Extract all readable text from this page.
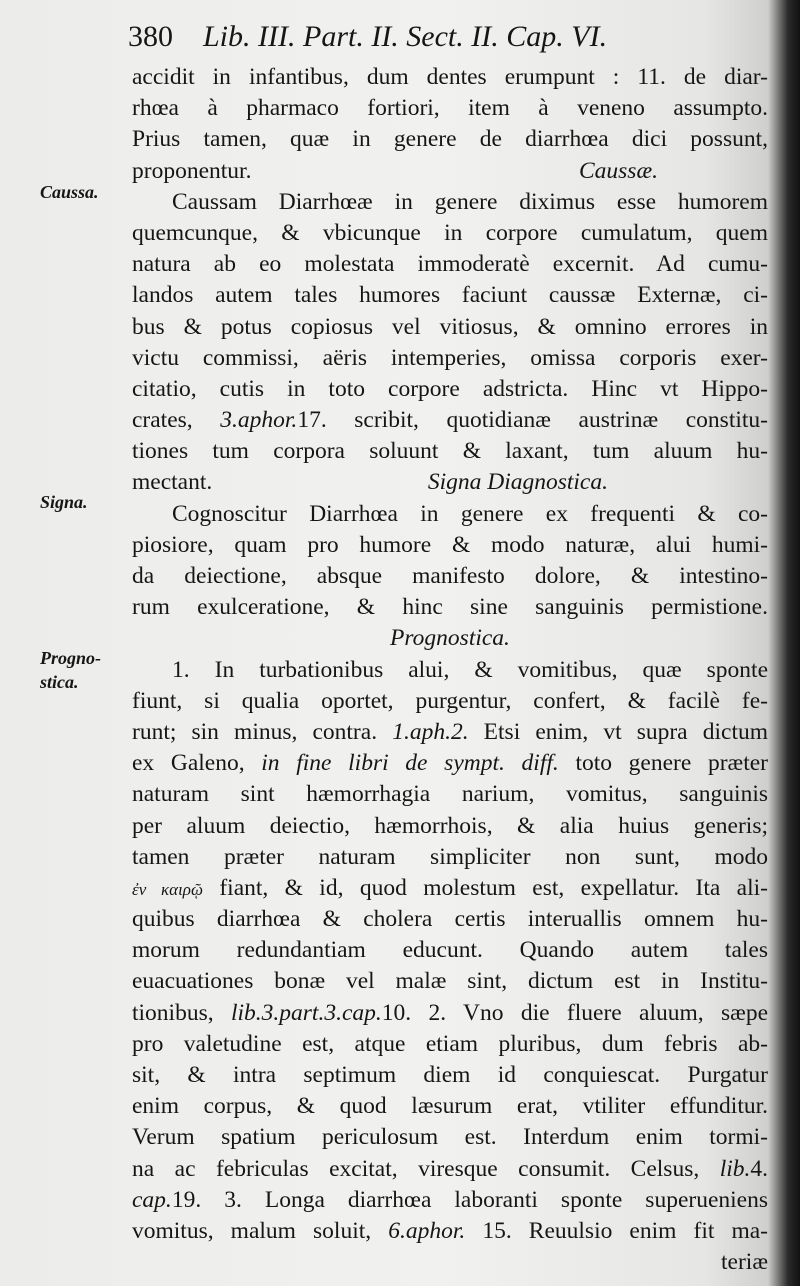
380 Lib. III. Part. II. Sect. II. Cap. VI.
Caussa.
Signa.
Progno-
stica.
accidit in infantibus, dum dentes erumpunt : 11. de diar-
rhœa à pharmaco fortiori, item à veneno assumpto.
Prius tamen, quæ in genere de diarrhœa dici possunt,
proponentur.	Caussæ.
Caussam Diarrhœæ in genere diximus esse humorem
quemcunque, & vbicunque in corpore cumulatum, quem
natura ab eo molestata immoderatè excernit. Ad cumu-
landos autem tales humores faciunt caussæ Externæ, ci-
bus & potus copiosus vel vitiosus, & omnino errores in
victu commissi, aëris intemperies, omissa corporis exer-
citatio, cutis in toto corpore adstricta. Hinc vt Hippo-
crates, 3.aphor.17. scribit, quotidianæ austrinæ constitu-
tiones tum corpora soluunt & laxant, tum aluum hu-
mectant.	Signa Diagnostica.
Cognoscitur Diarrhœa in genere ex frequenti & co-
piosiore, quam pro humore & modo naturæ, alui humi-
da deiectione, absque manifesto dolore, & intestino-
rum exulceratione, & hinc sine sanguinis permistione.
Prognostica.
1. In turbationibus alui, & vomitibus, quæ sponte
fiunt, si qualia oportet, purgentur, confert, & facilè fe-
runt; sin minus, contra. 1.aph.2. Etsi enim, vt supra dictum
ex Galeno, in fine libri de sympt. diff. toto genere præter
naturam sint hæmorrhagia narium, vomitus, sanguinis
per aluum deiectio, hæmorrhois, & alia huius generis;
tamen præter naturam simpliciter non sunt, modo
ἐν καιρῷ fiant, & id, quod molestum est, expellatur. Ita ali-
quibus diarrhœa & cholera certis interuallis omnem hu-
morum redundantiam educunt. Quando autem tales
euacuationes bonæ vel malæ sint, dictum est in Institu-
tionibus, lib.3.part.3.cap.10. 2. Vno die fluere aluum, sæpe
pro valetudine est, atque etiam pluribus, dum febris ab-
sit, & intra septimum diem id conquiescat. Purgatur
enim corpus, & quod læsurum erat, vtiliter effunditur.
Verum spatium periculosum est. Interdum enim tormi-
na ac febriculas excitat, viresque consumit. Celsus, lib.4.
cap.19. 3. Longa diarrhœa laboranti sponte superueniens
vomitus, malum soluit, 6.aphor. 15. Reuulsio enim fit ma-
teriæ
